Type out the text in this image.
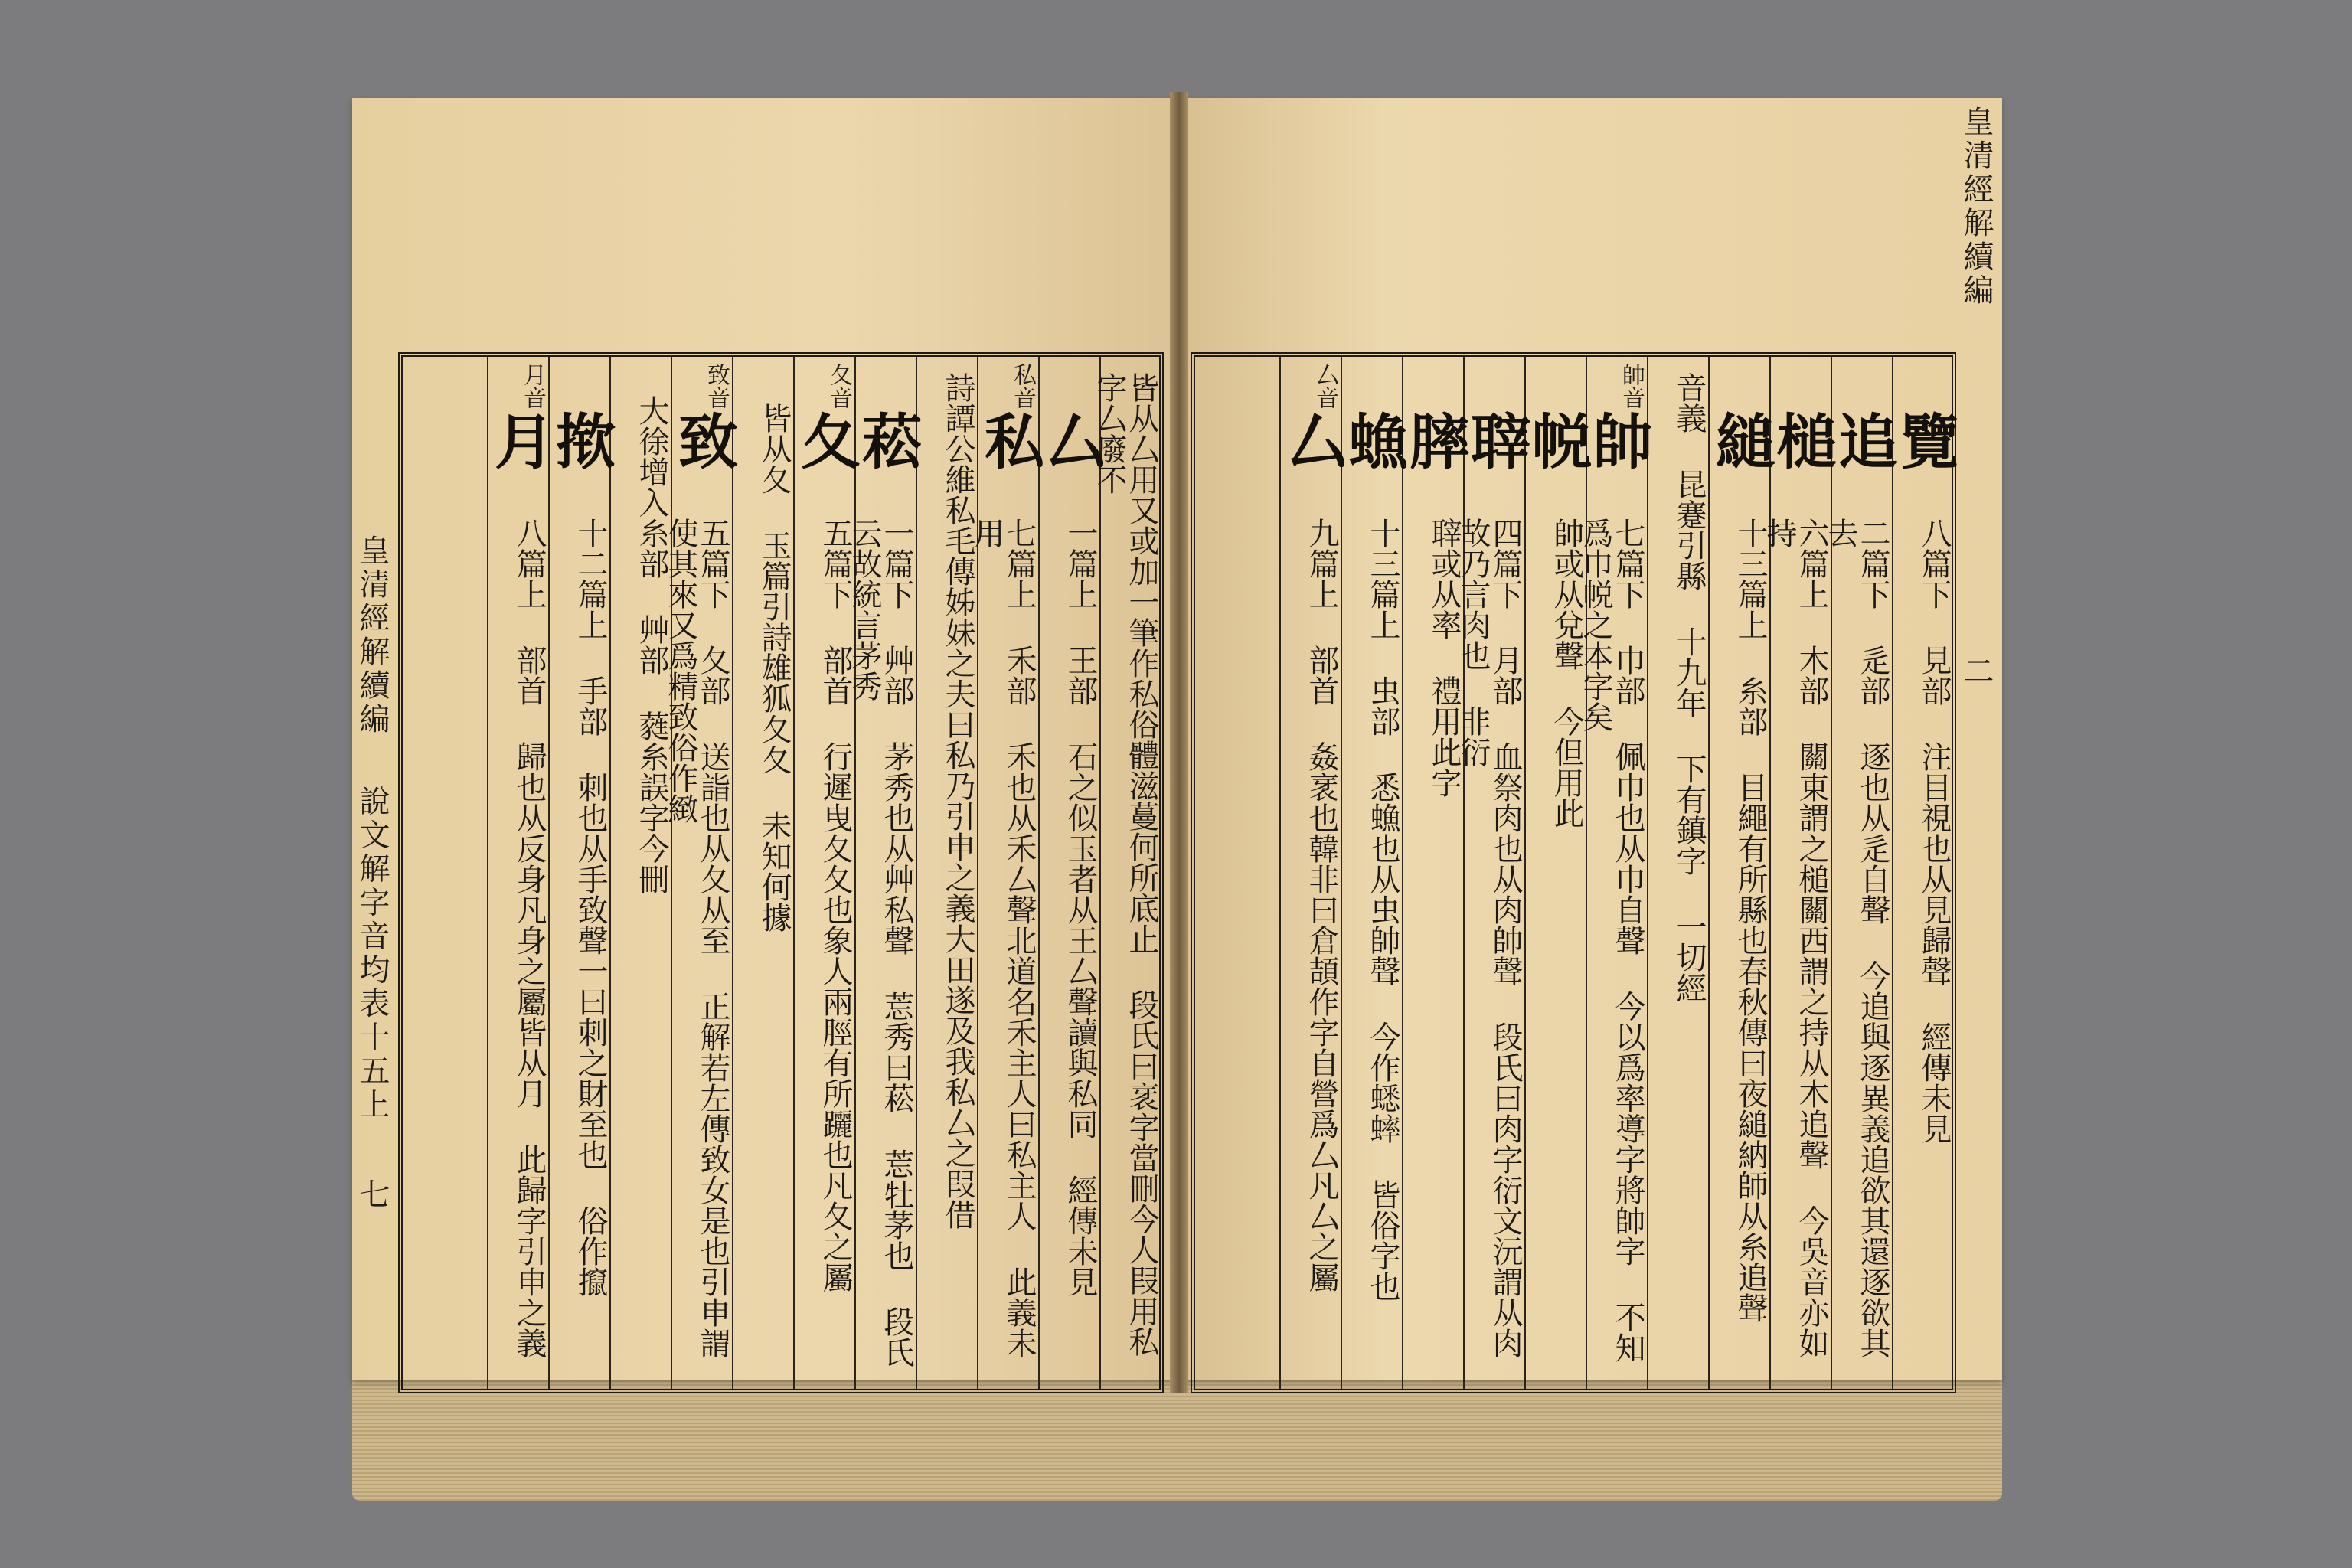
皇清經解續編  說文解字音均表十五上  七
皇清經解續編  二
皆从厶用又或加一筆作私俗體滋蔓何所底止 段氏曰衺字當刪今人叚用私字厶廢不
厶
一篇上 王部 石之似玉者从王厶聲讀與私同 經傳未見
私音
私
七篇上 禾部 禾也从禾厶聲北道名禾主人曰私主人 此義未用
詩譚公維私毛傳姊妹之夫曰私乃引申之義大田遂及我私厶之叚借
菘
一篇下 艸部 茅秀也从艸私聲 莣秀曰菘 莣牡茅也 段氏云故統言茅秀
夂音
夂
五篇下 部首 行遲曳夂夂也象人兩脛有所躧也凡夂之屬
皆从夂 玉篇引詩雄狐夂夂 未知何據
致音
致
五篇下 夂部 送詣也从夂从至 正解若左傳致女是也引申謂使其來又爲精致俗作緻
大徐增入糸部 艸部 蕤糸誤字今刪
揿
十二篇上 手部 刺也从手致聲一曰刺之財至也 俗作攛
月音
月
八篇上 部首 歸也从反身凡身之屬皆从月 此歸字引申之義
覽
八篇下 見部 注目視也从見歸聲 經傳未見
追
二篇下 辵部 逐也从辵自聲 今追與逐異義追欲其還逐欲其去
槌
六篇上 木部 關東謂之槌關西謂之持从木追聲 今吳音亦如持
縋
十三篇上 糸部 目繩有所縣也春秋傳曰夜縋納師从糸追聲
音義 昆蹇引縣 十九年 下有鎮字 一切經
帥音
帥
七篇下 巾部 佩巾也从巾自聲 今以爲率導字將帥字 不知爲巾帨之本字矣
帨
帥或从兌聲 今但用此
䏁
四篇下 月部 血祭肉也从肉帥聲 段氏曰肉字衍文沅謂从肉故乃言肉也 非衍
膟
䏁或从率 禮用此字
䗨
十三篇上 虫部 悉䗨也从虫帥聲 今作蟋蟀 皆俗字也
厶音
厶
九篇上 部首 姦衺也韓非曰倉頡作字自營爲厶凡厶之屬
